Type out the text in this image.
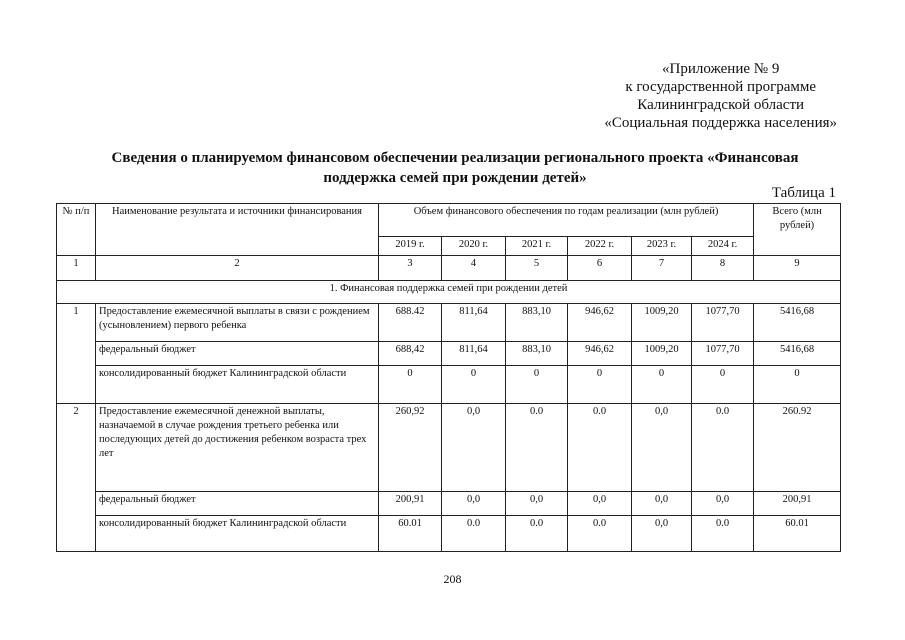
«Приложение № 9
к государственной программе
Калининградской области
«Социальная поддержка населения»
Сведения о планируемом финансовом обеспечении реализации регионального проекта «Финансовая
поддержка семей при рождении детей»
Таблица 1
№ п/п	Наименование результата и источники финансирования	Объем финансового обеспечения по годам реализации (млн рублей)						Всего (млн рублей)
		2019 г.	2020 г.	2021 г.	2022 г.	2023 г.	2024 г.	
1	2	3	4	5	6	7	8	9
1. Финансовая поддержка семей при рождении детей								
1	Предоставление ежемесячной выплаты в связи с рождением (усыновлением) первого ребенка	688.42	811,64	883,10	946,62	1009,20	1077,70	5416,68
	федеральный бюджет	688,42	811,64	883,10	946,62	1009,20	1077,70	5416,68
	консолидированный бюджет Калининградской области	0	0	0	0	0	0	0
2	Предоставление ежемесячной денежной выплаты, назначаемой в случае рождения третьего ребенка или последующих детей до достижения ребенком возраста трех лет	260,92	0,0	0.0	0.0	0,0	0.0	260.92
	федеральный бюджет	200,91	0,0	0,0	0,0	0,0	0,0	200,91
	консолидированный бюджет Калининградской области	60.01	0.0	0.0	0.0	0,0	0.0	60.01
208
